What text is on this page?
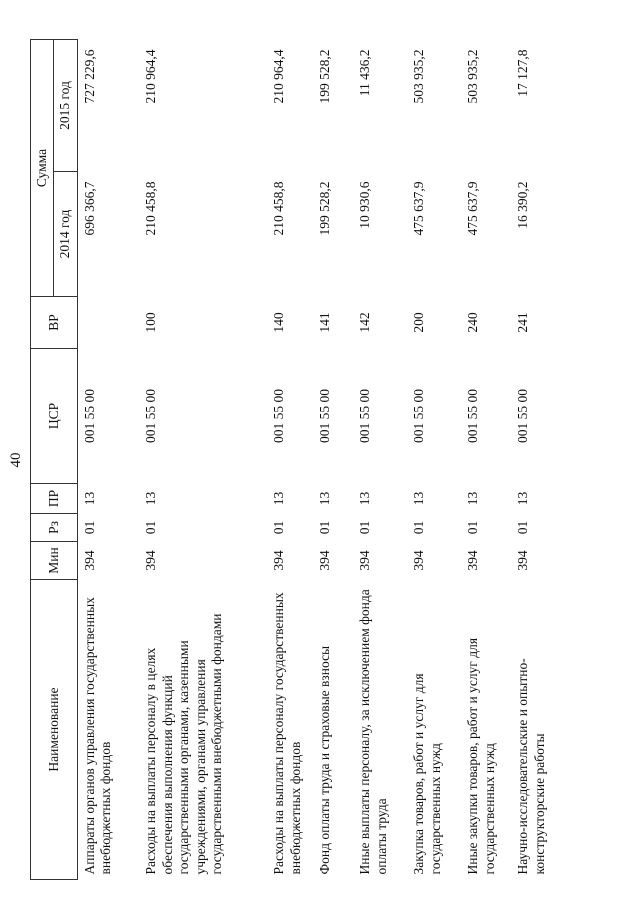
40
Наименование	Мин	Рз	ПР	ЦСР	ВР	Сумма	
						2014 год	2015 год
Аппараты органов управления государственных внебюджетных фондов	394	01	13	001 55 00		696 366,7	727 229,6
Расходы на выплаты персоналу в целях обеспечения выполнения функций государственными органами, казенными учреждениями, органами управления государственными внебюджетными фондами	394	01	13	001 55 00	100	210 458,8	210 964,4
Расходы на выплаты персоналу государственных внебюджетных фондов	394	01	13	001 55 00	140	210 458,8	210 964,4
Фонд оплаты труда и страховые взносы	394	01	13	001 55 00	141	199 528,2	199 528,2
Иные выплаты персоналу, за исключением фонда оплаты труда	394	01	13	001 55 00	142	10 930,6	11 436,2
Закупка товаров, работ и услуг для государственных нужд	394	01	13	001 55 00	200	475 637,9	503 935,2
Иные закупки товаров, работ и услуг для государственных нужд	394	01	13	001 55 00	240	475 637,9	503 935,2
Научно-исследовательские и опытно-конструкторские работы	394	01	13	001 55 00	241	16 390,2	17 127,8
